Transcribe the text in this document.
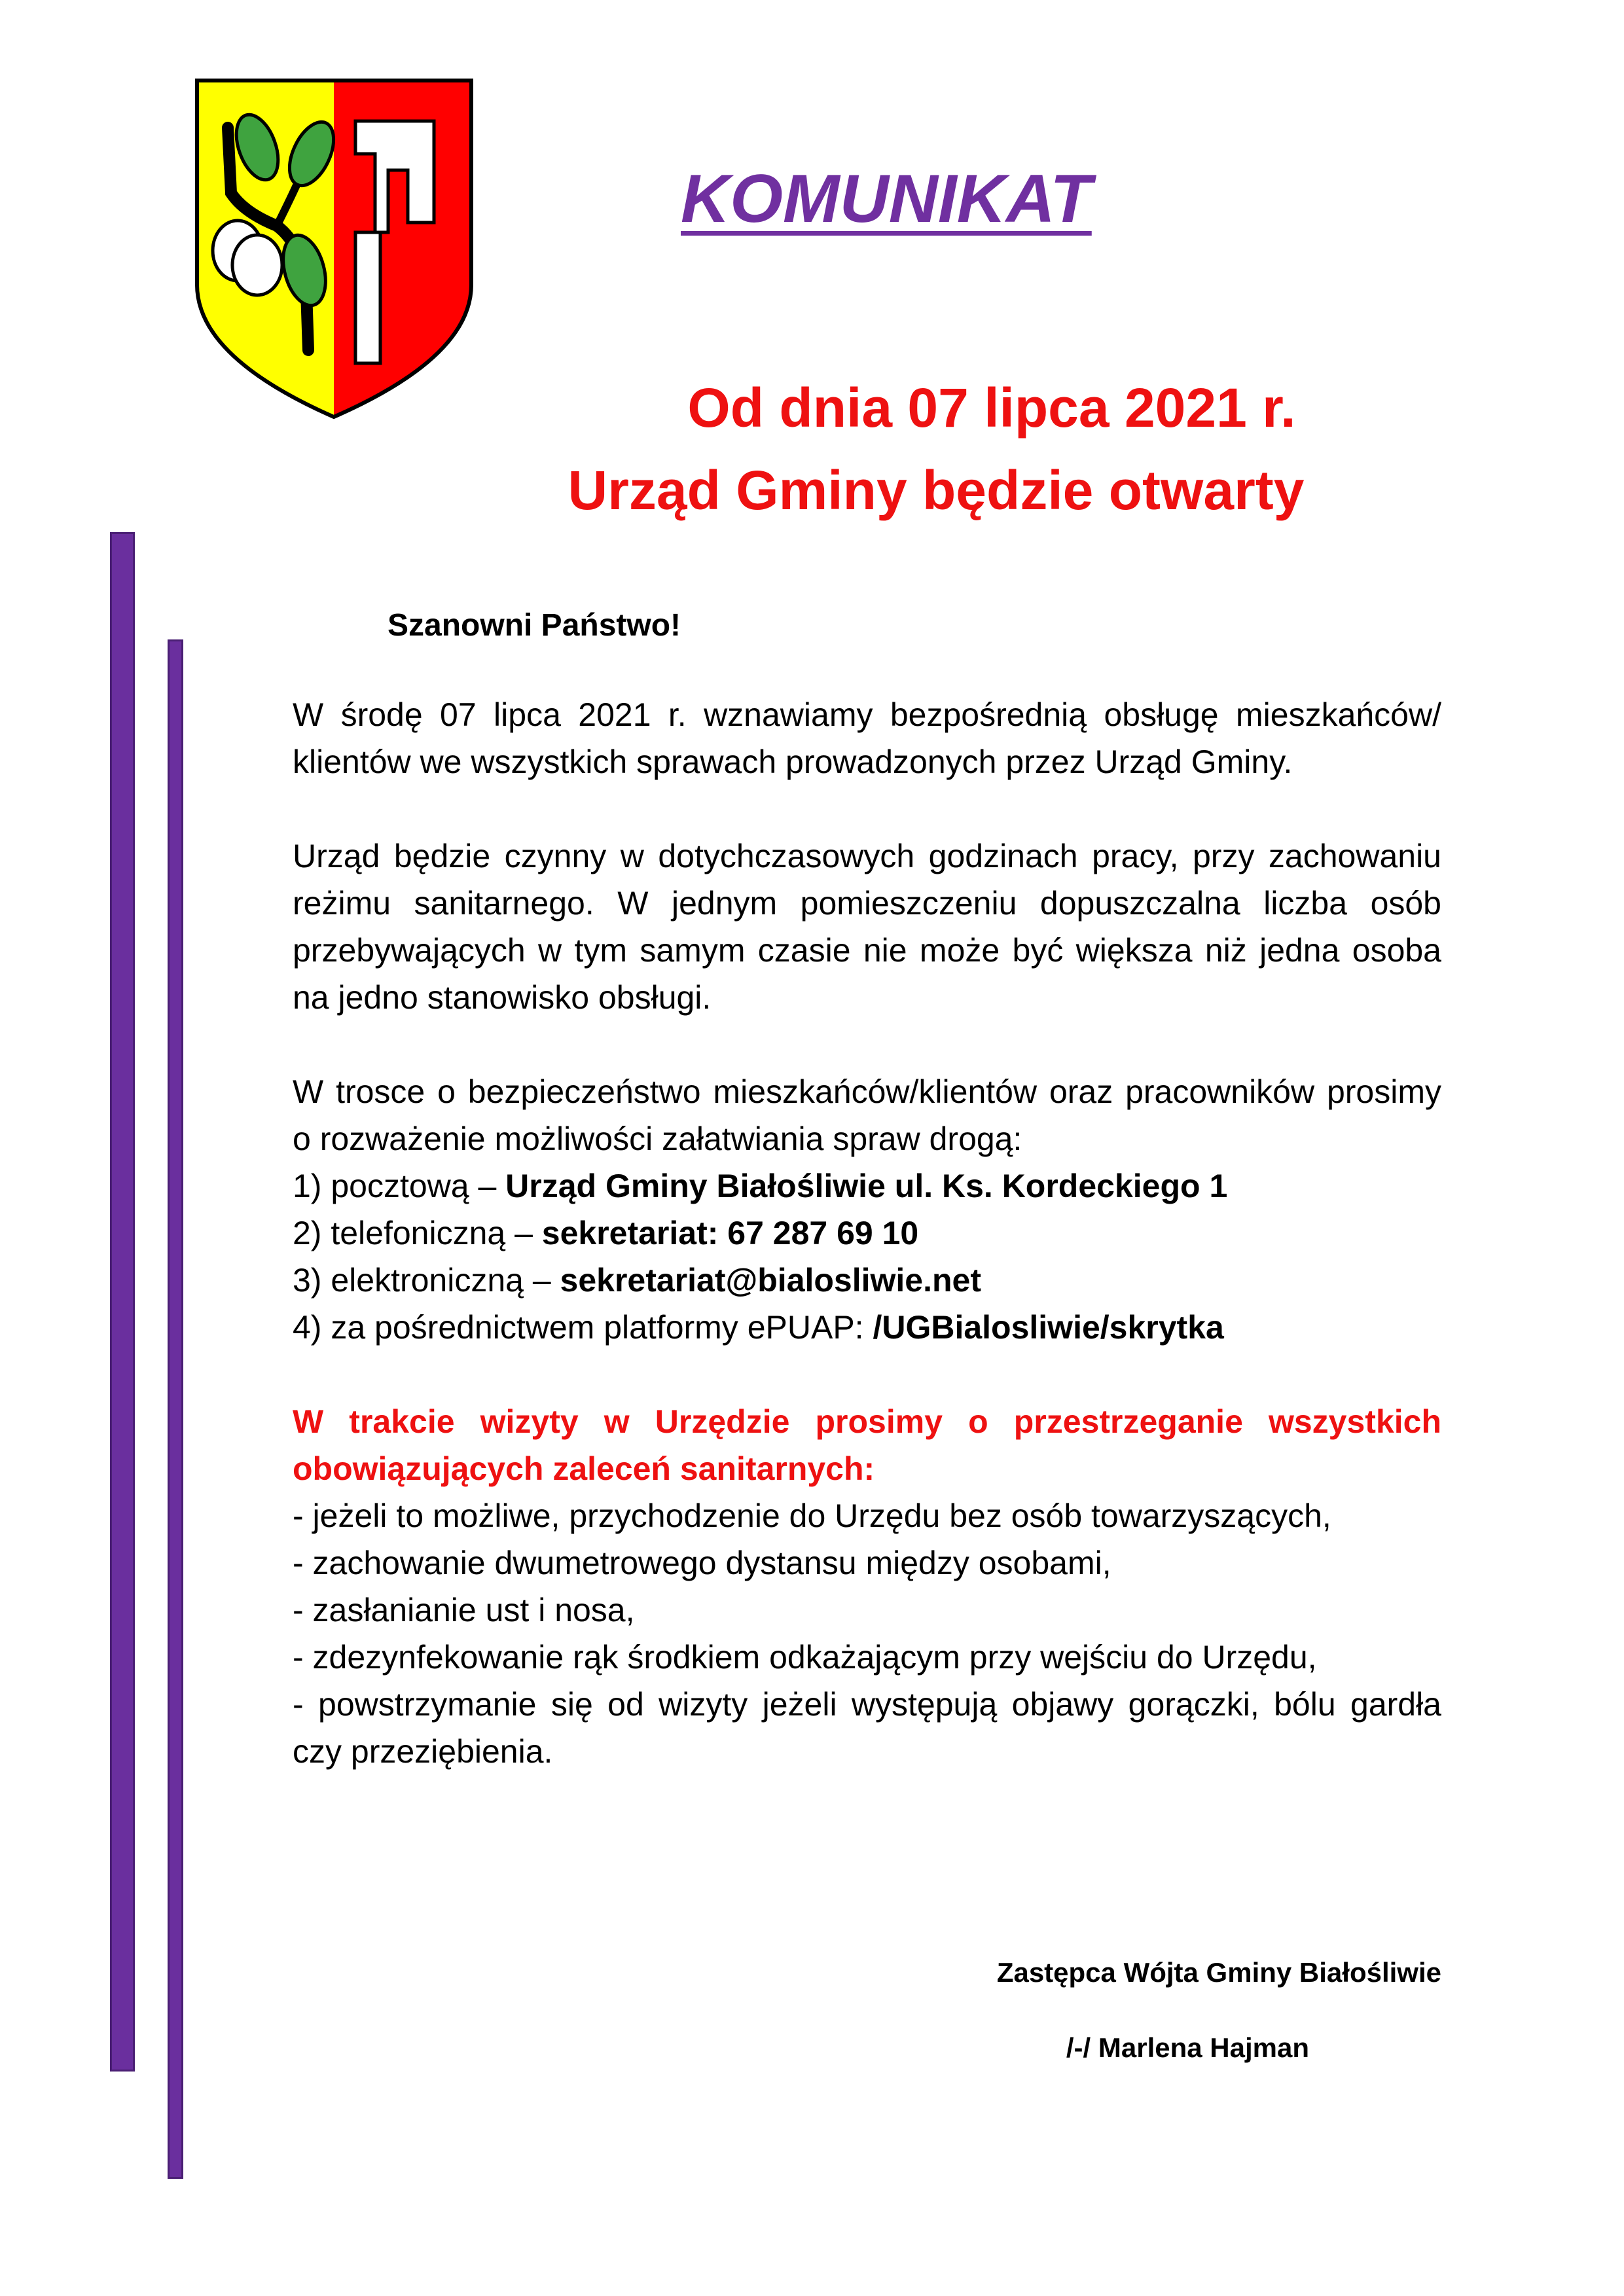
KOMUNIKAT
Od dnia 07 lipca 2021 r.
Urząd Gminy będzie otwarty
Szanowni Państwo!

W środę 07 lipca 2021 r. wznawiamy bezpośrednią obsługę mieszkańców/ klientów we wszystkich sprawach prowadzonych przez Urząd Gminy.

Urząd będzie czynny w dotychczasowych godzinach pracy, przy zachowaniu reżimu sanitarnego. W jednym pomieszczeniu dopuszczalna liczba osób przebywających w tym samym czasie nie może być większa niż jedna osoba na jedno stanowisko obsługi.

W trosce o bezpieczeństwo mieszkańców/klientów oraz pracowników prosimy o rozważenie możliwości załatwiania spraw drogą:
1) pocztową – Urząd Gminy Białośliwie ul. Ks. Kordeckiego 1
2) telefoniczną – sekretariat: 67 287 69 10
3) elektroniczną – sekretariat@bialosliwie.net
4) za pośrednictwem platformy ePUAP: /UGBialosliwie/skrytka

W trakcie wizyty w Urzędzie prosimy o przestrzeganie wszystkich obowiązujących zaleceń sanitarnych:
- jeżeli to możliwe, przychodzenie do Urzędu bez osób towarzyszących,
- zachowanie dwumetrowego dystansu między osobami,
- zasłanianie ust i nosa,
- zdezynfekowanie rąk środkiem odkażającym przy wejściu do Urzędu,
- powstrzymanie się od wizyty jeżeli występują objawy gorączki, bólu gardła czy przeziębienia.

Zastępca Wójta Gminy Białośliwie
/-/ Marlena Hajman
